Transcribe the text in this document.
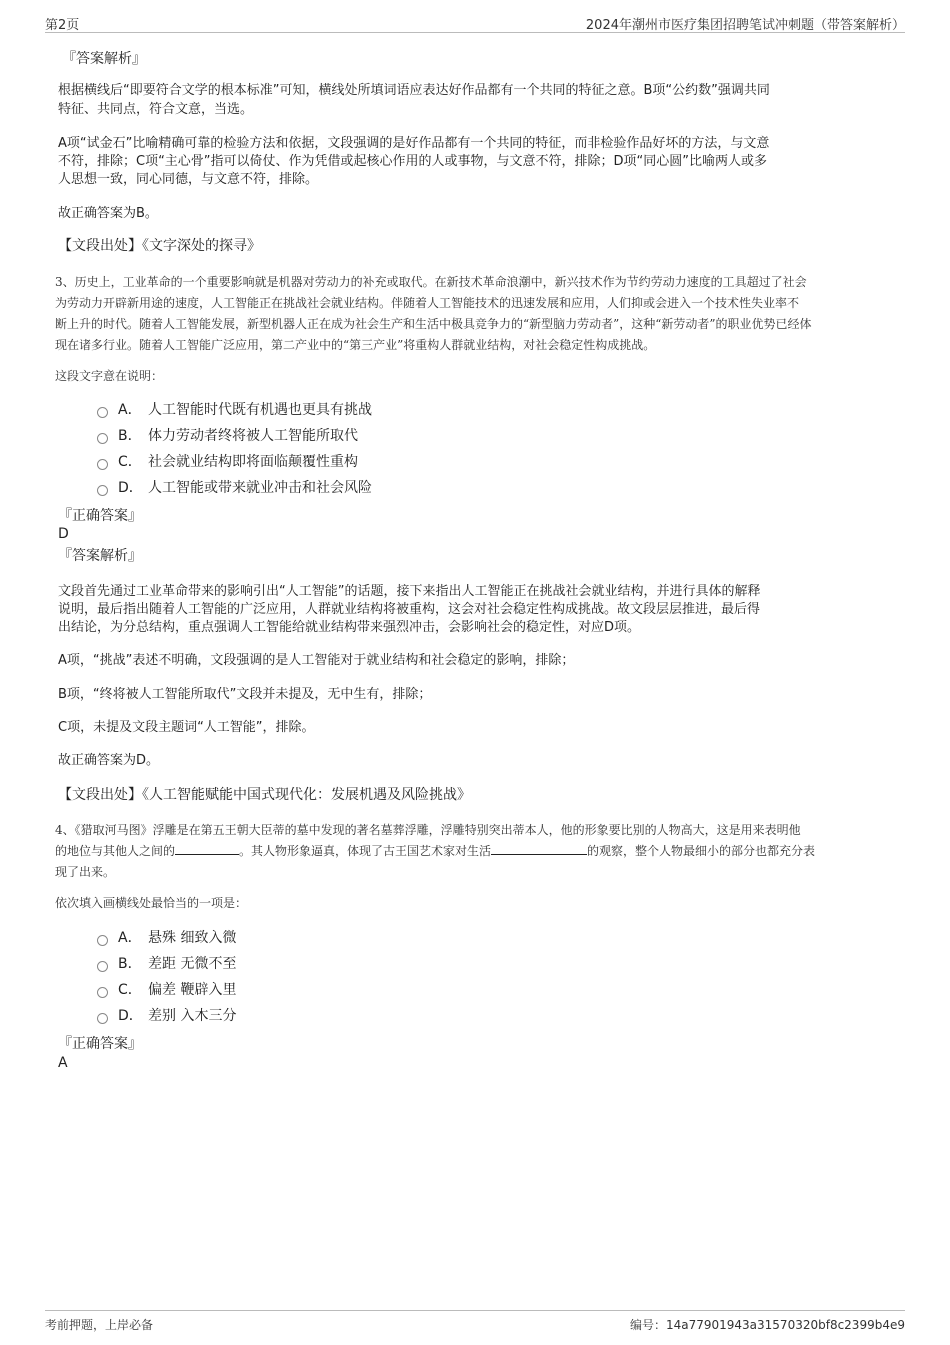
第2页	2024年潮州市医疗集团招聘笔试冲刺题（带答案解析）
『答案解析』
根据横线后“即要符合文学的根本标准”可知，横线处所填词语应表达好作品都有一个共同的特征之意。B项“公约数”强调共同
特征、共同点，符合文意，当选。
A项“试金石”比喻精确可靠的检验方法和依据，文段强调的是好作品都有一个共同的特征，而非检验作品好坏的方法，与文意
不符，排除；C项“主心骨”指可以倚仗、作为凭借或起核心作用的人或事物，与文意不符，排除；D项“同心圆”比喻两人或多
人思想一致，同心同德，与文意不符，排除。
故正确答案为B。
【文段出处】《文字深处的探寻》
3、历史上，工业革命的一个重要影响就是机器对劳动力的补充或取代。在新技术革命浪潮中，新兴技术作为节约劳动力速度的工具超过了社会
为劳动力开辟新用途的速度，人工智能正在挑战社会就业结构。伴随着人工智能技术的迅速发展和应用，人们抑或会进入一个技术性失业率不
断上升的时代。随着人工智能发展，新型机器人正在成为社会生产和生活中极具竞争力的“新型脑力劳动者”，这种“新劳动者”的职业优势已经体
现在诸多行业。随着人工智能广泛应用，第二产业中的“第三产业”将重构人群就业结构，对社会稳定性构成挑战。
这段文字意在说明：
A． 人工智能时代既有机遇也更具有挑战
B． 体力劳动者终将被人工智能所取代
C． 社会就业结构即将面临颠覆性重构
D． 人工智能或带来就业冲击和社会风险
『正确答案』
D
『答案解析』
文段首先通过工业革命带来的影响引出“人工智能”的话题，接下来指出人工智能正在挑战社会就业结构，并进行具体的解释
说明，最后指出随着人工智能的广泛应用，人群就业结构将被重构，这会对社会稳定性构成挑战。故文段层层推进，最后得
出结论，为分总结构，重点强调人工智能给就业结构带来强烈冲击，会影响社会的稳定性，对应D项。
A项，“挑战”表述不明确，文段强调的是人工智能对于就业结构和社会稳定的影响，排除；
B项，“终将被人工智能所取代”文段并未提及，无中生有，排除；
C项，未提及文段主题词“人工智能”，排除。
故正确答案为D。
【文段出处】《人工智能赋能中国式现代化：发展机遇及风险挑战》
4、《猎取河马图》浮雕是在第五王朝大臣蒂的墓中发现的著名墓葬浮雕，浮雕特别突出蒂本人，他的形象要比别的人物高大，这是用来表明他
的地位与其他人之间的	。其人物形象逼真，体现了古王国艺术家对生活	的观察，整个人物最细小的部分也都充分表
现了出来。
依次填入画横线处最恰当的一项是：
A． 悬殊 细致入微
B． 差距 无微不至
C． 偏差 鞭辟入里
D． 差别 入木三分
『正确答案』
A
考前押题，上岸必备	编号：14a77901943a31570320bf8c2399b4e9
